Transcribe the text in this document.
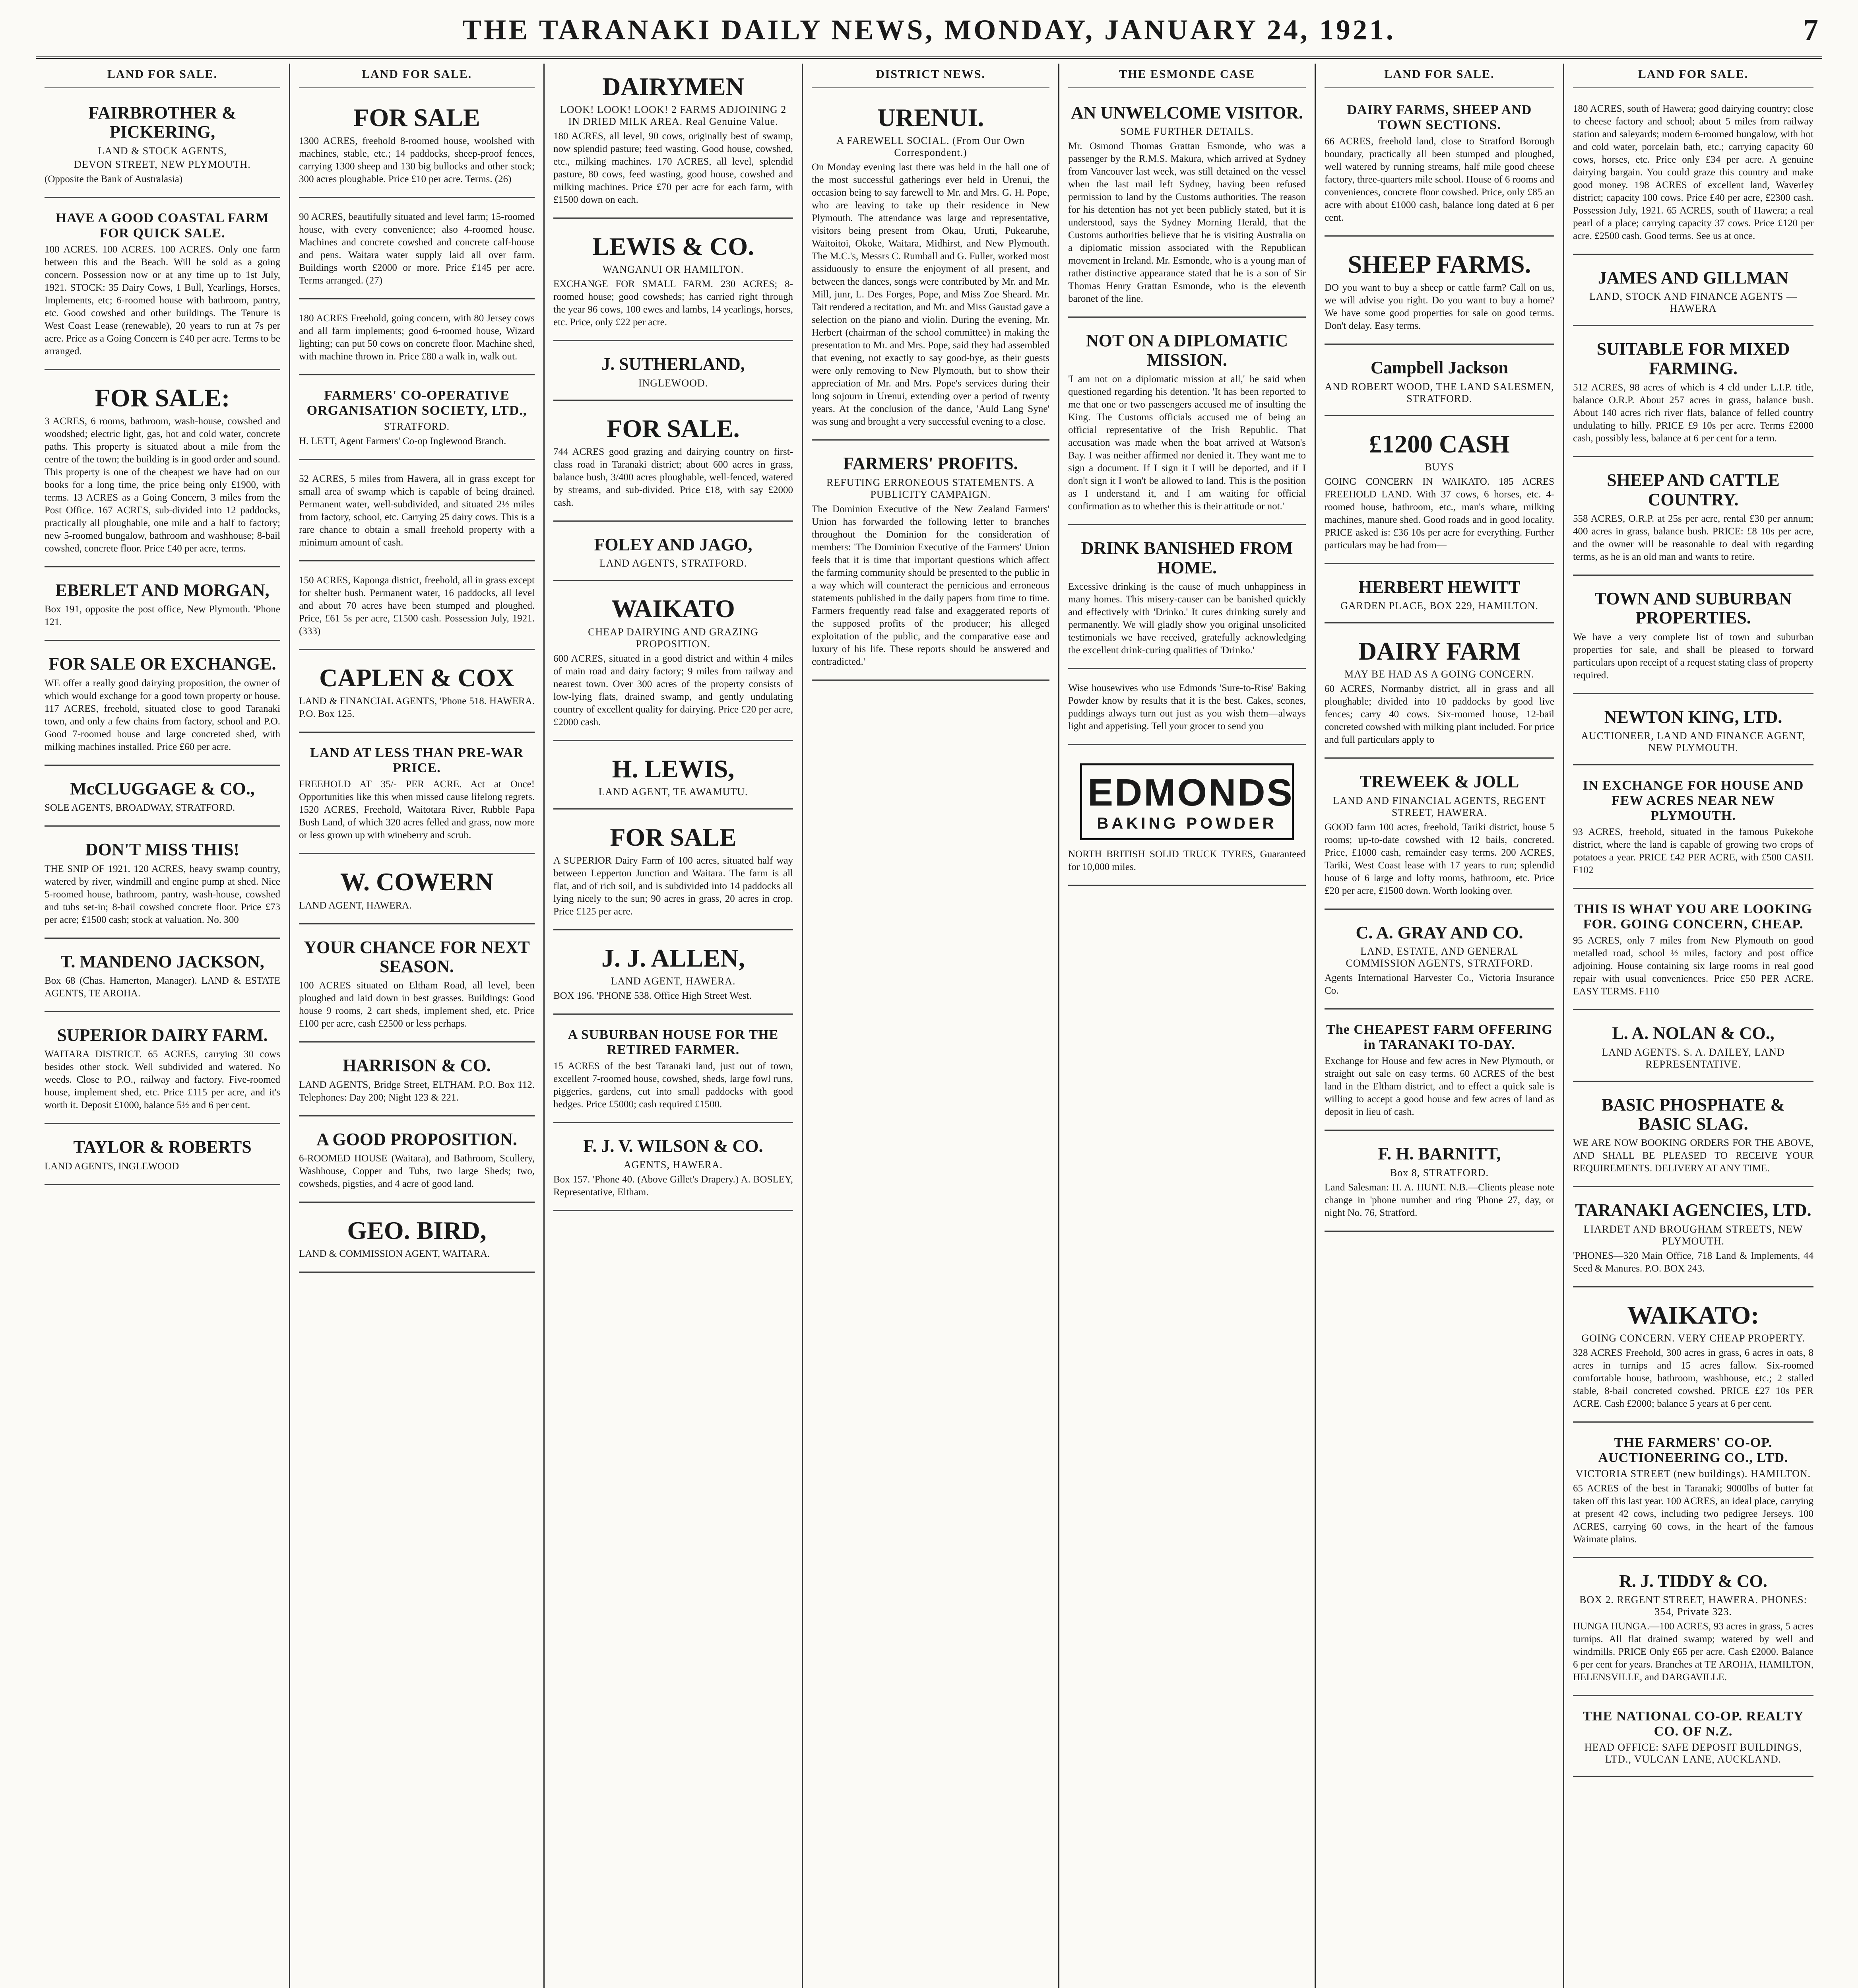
THE TARANAKI DAILY NEWS, MONDAY, JANUARY 24, 1921.	7
LAND FOR SALE.
FAIRBROTHER & PICKERING,
LAND & STOCK AGENTS,
DEVON STREET, NEW PLYMOUTH.
(Opposite the Bank of Australasia)
HAVE A GOOD COASTAL FARM FOR QUICK SALE.
100 ACRES. 100 ACRES. 100 ACRES. Only one farm between this and the Beach. Will be sold as a going concern. Possession now or at any time up to 1st July, 1921. STOCK: 35 Dairy Cows, 1 Bull, Yearlings, Horses, Implements, etc; 6-roomed house with bathroom, pantry, etc. Good cowshed and other buildings. The Tenure is West Coast Lease (renewable), 20 years to run at 7s per acre. Price as a Going Concern is £40 per acre. Terms to be arranged.
FOR SALE:
3 ACRES, 6 rooms, bathroom, wash-house, cowshed and woodshed; electric light, gas, hot and cold water, concrete paths. This property is situated about a mile from the centre of the town; the building is in good order and sound. This property is one of the cheapest we have had on our books for a long time, the price being only £1900, with terms. 13 ACRES as a Going Concern, 3 miles from the Post Office. 167 ACRES, sub-divided into 12 paddocks, practically all ploughable, one mile and a half to factory; new 5-roomed bungalow, bathroom and washhouse; 8-bail cowshed, concrete floor. Price £40 per acre, terms.
EBERLET AND MORGAN,
Box 191, opposite the post office, New Plymouth. 'Phone 121.
FOR SALE OR EXCHANGE.
WE offer a really good dairying proposition, the owner of which would exchange for a good town property or house. 117 ACRES, freehold, situated close to good Taranaki town, and only a few chains from factory, school and P.O. Good 7-roomed house and large concreted shed, with milking machines installed. Price £60 per acre.
McCLUGGAGE & CO.,
SOLE AGENTS, BROADWAY, STRATFORD.
DON'T MISS THIS!
THE SNIP OF 1921. 120 ACRES, heavy swamp country, watered by river, windmill and engine pump at shed. Nice 5-roomed house, bathroom, pantry, wash-house, cowshed and tubs set-in; 8-bail cowshed concrete floor. Price £73 per acre; £1500 cash; stock at valuation. No. 300
T. MANDENO JACKSON,
Box 68 (Chas. Hamerton, Manager). LAND & ESTATE AGENTS, TE AROHA.
SUPERIOR DAIRY FARM.
WAITARA DISTRICT. 65 ACRES, carrying 30 cows besides other stock. Well subdivided and watered. No weeds. Close to P.O., railway and factory. Five-roomed house, implement shed, etc. Price £115 per acre, and it's worth it. Deposit £1000, balance 5½ and 6 per cent.
TAYLOR & ROBERTS
LAND AGENTS, INGLEWOOD
LAND FOR SALE.
FOR SALE
1300 ACRES, freehold 8-roomed house, woolshed with machines, stable, etc.; 14 paddocks, sheep-proof fences, carrying 1300 sheep and 130 big bullocks and other stock; 300 acres ploughable. Price £10 per acre. Terms. (26)
90 ACRES, beautifully situated and level farm; 15-roomed house, with every convenience; also 4-roomed house. Machines and concrete cowshed and concrete calf-house and pens. Waitara water supply laid all over farm. Buildings worth £2000 or more. Price £145 per acre. Terms arranged. (27)
180 ACRES Freehold, going concern, with 80 Jersey cows and all farm implements; good 6-roomed house, Wizard lighting; can put 50 cows on concrete floor. Machine shed, with machine thrown in. Price £80 a walk in, walk out.
FARMERS' CO-OPERATIVE ORGANISATION SOCIETY, LTD.,
STRATFORD.
H. LETT, Agent Farmers' Co-op Inglewood Branch.
52 ACRES, 5 miles from Hawera, all in grass except for small area of swamp which is capable of being drained. Permanent water, well-subdivided, and situated 2½ miles from factory, school, etc. Carrying 25 dairy cows. This is a rare chance to obtain a small freehold property with a minimum amount of cash.
150 ACRES, Kaponga district, freehold, all in grass except for shelter bush. Permanent water, 16 paddocks, all level and about 70 acres have been stumped and ploughed. Price, £61 5s per acre, £1500 cash. Possession July, 1921. (333)
CAPLEN & COX
LAND & FINANCIAL AGENTS, 'Phone 518. HAWERA. P.O. Box 125.
LAND AT LESS THAN PRE-WAR PRICE.
FREEHOLD AT 35/- PER ACRE. Act at Once! Opportunities like this when missed cause lifelong regrets. 1520 ACRES, Freehold, Waitotara River, Rubble Papa Bush Land, of which 320 acres felled and grass, now more or less grown up with wineberry and scrub.
W. COWERN
LAND AGENT, HAWERA.
YOUR CHANCE FOR NEXT SEASON.
100 ACRES situated on Eltham Road, all level, been ploughed and laid down in best grasses. Buildings: Good house 9 rooms, 2 cart sheds, implement shed, etc. Price £100 per acre, cash £2500 or less perhaps.
HARRISON & CO.
LAND AGENTS, Bridge Street, ELTHAM. P.O. Box 112. Telephones: Day 200; Night 123 & 221.
A GOOD PROPOSITION.
6-ROOMED HOUSE (Waitara), and Bathroom, Scullery, Washhouse, Copper and Tubs, two large Sheds; two, cowsheds, pigsties, and 4 acre of good land.
GEO. BIRD,
LAND & COMMISSION AGENT, WAITARA.
DAIRYMEN
LOOK! LOOK! LOOK! 2 FARMS ADJOINING 2 IN DRIED MILK AREA. Real Genuine Value.
180 ACRES, all level, 90 cows, originally best of swamp, now splendid pasture; feed wasting. Good house, cowshed, etc., milking machines. 170 ACRES, all level, splendid pasture, 80 cows, feed wasting, good house, cowshed and milking machines. Price £70 per acre for each farm, with £1500 down on each.
LEWIS & CO.
WANGANUI OR HAMILTON.
EXCHANGE FOR SMALL FARM. 230 ACRES; 8-roomed house; good cowsheds; has carried right through the year 96 cows, 100 ewes and lambs, 14 yearlings, horses, etc. Price, only £22 per acre.
J. SUTHERLAND,
INGLEWOOD.
FOR SALE.
744 ACRES good grazing and dairying country on first-class road in Taranaki district; about 600 acres in grass, balance bush, 3/400 acres ploughable, well-fenced, watered by streams, and sub-divided. Price £18, with say £2000 cash.
FOLEY AND JAGO,
LAND AGENTS, STRATFORD.
WAIKATO
CHEAP DAIRYING AND GRAZING PROPOSITION.
600 ACRES, situated in a good district and within 4 miles of main road and dairy factory; 9 miles from railway and nearest town. Over 300 acres of the property consists of low-lying flats, drained swamp, and gently undulating country of excellent quality for dairying. Price £20 per acre, £2000 cash.
H. LEWIS,
LAND AGENT, TE AWAMUTU.
FOR SALE
A SUPERIOR Dairy Farm of 100 acres, situated half way between Lepperton Junction and Waitara. The farm is all flat, and of rich soil, and is subdivided into 14 paddocks all lying nicely to the sun; 90 acres in grass, 20 acres in crop. Price £125 per acre.
J. J. ALLEN,
LAND AGENT, HAWERA.
BOX 196. 'PHONE 538. Office High Street West.
A SUBURBAN HOUSE FOR THE RETIRED FARMER.
15 ACRES of the best Taranaki land, just out of town, excellent 7-roomed house, cowshed, sheds, large fowl runs, piggeries, gardens, cut into small paddocks with good hedges. Price £5000; cash required £1500.
F. J. V. WILSON & CO.
AGENTS, HAWERA.
Box 157. 'Phone 40. (Above Gillet's Drapery.) A. BOSLEY, Representative, Eltham.
DISTRICT NEWS.
URENUI.
A FAREWELL SOCIAL. (From Our Own Correspondent.)
On Monday evening last there was held in the hall one of the most successful gatherings ever held in Urenui, the occasion being to say farewell to Mr. and Mrs. G. H. Pope, who are leaving to take up their residence in New Plymouth. The attendance was large and representative, visitors being present from Okau, Uruti, Pukearuhe, Waitoitoi, Okoke, Waitara, Midhirst, and New Plymouth. The M.C.'s, Messrs C. Rumball and G. Fuller, worked most assiduously to ensure the enjoyment of all present, and between the dances, songs were contributed by Mr. and Mr. Mill, junr, L. Des Forges, Pope, and Miss Zoe Sheard. Mr. Tait rendered a recitation, and Mr. and Miss Gaustad gave a selection on the piano and violin. During the evening, Mr. Herbert (chairman of the school committee) in making the presentation to Mr. and Mrs. Pope, said they had assembled that evening, not exactly to say good-bye, as their guests were only removing to New Plymouth, but to show their appreciation of Mr. and Mrs. Pope's services during their long sojourn in Urenui, extending over a period of twenty years. At the conclusion of the dance, 'Auld Lang Syne' was sung and brought a very successful evening to a close.
FARMERS' PROFITS.
REFUTING ERRONEOUS STATEMENTS. A PUBLICITY CAMPAIGN.
The Dominion Executive of the New Zealand Farmers' Union has forwarded the following letter to branches throughout the Dominion for the consideration of members: 'The Dominion Executive of the Farmers' Union feels that it is time that important questions which affect the farming community should be presented to the public in a way which will counteract the pernicious and erroneous statements published in the daily papers from time to time. Farmers frequently read false and exaggerated reports of the supposed profits of the producer; his alleged exploitation of the public, and the comparative ease and luxury of his life. These reports should be answered and contradicted.'
THE ESMONDE CASE
AN UNWELCOME VISITOR.
SOME FURTHER DETAILS.
Mr. Osmond Thomas Grattan Esmonde, who was a passenger by the R.M.S. Makura, which arrived at Sydney from Vancouver last week, was still detained on the vessel when the last mail left Sydney, having been refused permission to land by the Customs authorities. The reason for his detention has not yet been publicly stated, but it is understood, says the Sydney Morning Herald, that the Customs authorities believe that he is visiting Australia on a diplomatic mission associated with the Republican movement in Ireland. Mr. Esmonde, who is a young man of rather distinctive appearance stated that he is a son of Sir Thomas Henry Grattan Esmonde, who is the eleventh baronet of the line.
NOT ON A DIPLOMATIC MISSION.
'I am not on a diplomatic mission at all,' he said when questioned regarding his detention. 'It has been reported to me that one or two passengers accused me of insulting the King. The Customs officials accused me of being an official representative of the Irish Republic. That accusation was made when the boat arrived at Watson's Bay. I was neither affirmed nor denied it. They want me to sign a document. If I sign it I will be deported, and if I don't sign it I won't be allowed to land. This is the position as I understand it, and I am waiting for official confirmation as to whether this is their attitude or not.'
DRINK BANISHED FROM HOME.
Excessive drinking is the cause of much unhappiness in many homes. This misery-causer can be banished quickly and effectively with 'Drinko.' It cures drinking surely and permanently. We will gladly show you original unsolicited testimonials we have received, gratefully acknowledging the excellent drink-curing qualities of 'Drinko.'
Wise housewives who use Edmonds 'Sure-to-Rise' Baking Powder know by results that it is the best. Cakes, scones, puddings always turn out just as you wish them—always light and appetising. Tell your grocer to send you
EDMONDS
BAKING POWDER
NORTH BRITISH SOLID TRUCK TYRES, Guaranteed for 10,000 miles.
LAND FOR SALE.
DAIRY FARMS, SHEEP AND TOWN SECTIONS.
66 ACRES, freehold land, close to Stratford Borough boundary, practically all been stumped and ploughed, well watered by running streams, half mile good cheese factory, three-quarters mile school. House of 6 rooms and conveniences, concrete floor cowshed. Price, only £85 an acre with about £1000 cash, balance long dated at 6 per cent.
SHEEP FARMS.
DO you want to buy a sheep or cattle farm? Call on us, we will advise you right. Do you want to buy a home? We have some good properties for sale on good terms. Don't delay. Easy terms.
Campbell Jackson
AND ROBERT WOOD, THE LAND SALESMEN, STRATFORD.
£1200 CASH
BUYS
GOING CONCERN IN WAIKATO. 185 ACRES FREEHOLD LAND. With 37 cows, 6 horses, etc. 4-roomed house, bathroom, etc., man's whare, milking machines, manure shed. Good roads and in good locality. PRICE asked is: £36 10s per acre for everything. Further particulars may be had from—
HERBERT HEWITT
GARDEN PLACE, BOX 229, HAMILTON.
DAIRY FARM
MAY BE HAD AS A GOING CONCERN.
60 ACRES, Normanby district, all in grass and all ploughable; divided into 10 paddocks by good live fences; carry 40 cows. Six-roomed house, 12-bail concreted cowshed with milking plant included. For price and full particulars apply to
TREWEEK & JOLL
LAND AND FINANCIAL AGENTS, REGENT STREET, HAWERA.
GOOD farm 100 acres, freehold, Tariki district, house 5 rooms; up-to-date cowshed with 12 bails, concreted. Price, £1000 cash, remainder easy terms. 200 ACRES, Tariki, West Coast lease with 17 years to run; splendid house of 6 large and lofty rooms, bathroom, etc. Price £20 per acre, £1500 down. Worth looking over.
C. A. GRAY AND CO.
LAND, ESTATE, AND GENERAL COMMISSION AGENTS, STRATFORD.
Agents International Harvester Co., Victoria Insurance Co.
The CHEAPEST FARM OFFERING in TARANAKI TO-DAY.
Exchange for House and few acres in New Plymouth, or straight out sale on easy terms. 60 ACRES of the best land in the Eltham district, and to effect a quick sale is willing to accept a good house and few acres of land as deposit in lieu of cash.
F. H. BARNITT,
Box 8, STRATFORD.
Land Salesman: H. A. HUNT. N.B.—Clients please note change in 'phone number and ring 'Phone 27, day, or night No. 76, Stratford.
LAND FOR SALE.
180 ACRES, south of Hawera; good dairying country; close to cheese factory and school; about 5 miles from railway station and saleyards; modern 6-roomed bungalow, with hot and cold water, porcelain bath, etc.; carrying capacity 60 cows, horses, etc. Price only £34 per acre. A genuine dairying bargain. You could graze this country and make good money. 198 ACRES of excellent land, Waverley district; capacity 100 cows. Price £40 per acre, £2300 cash. Possession July, 1921. 65 ACRES, south of Hawera; a real pearl of a place; carrying capacity 37 cows. Price £120 per acre. £2500 cash. Good terms. See us at once.
JAMES AND GILLMAN
LAND, STOCK AND FINANCE AGENTS — HAWERA
SUITABLE FOR MIXED FARMING.
512 ACRES, 98 acres of which is 4 cld under L.I.P. title, balance O.R.P. About 257 acres in grass, balance bush. About 140 acres rich river flats, balance of felled country undulating to hilly. PRICE £9 10s per acre. Terms £2000 cash, possibly less, balance at 6 per cent for a term.
SHEEP AND CATTLE COUNTRY.
558 ACRES, O.R.P. at 25s per acre, rental £30 per annum; 400 acres in grass, balance bush. PRICE: £8 10s per acre, and the owner will be reasonable to deal with regarding terms, as he is an old man and wants to retire.
TOWN AND SUBURBAN PROPERTIES.
We have a very complete list of town and suburban properties for sale, and shall be pleased to forward particulars upon receipt of a request stating class of property required.
NEWTON KING, LTD.
AUCTIONEER, LAND AND FINANCE AGENT, NEW PLYMOUTH.
IN EXCHANGE FOR HOUSE AND FEW ACRES NEAR NEW PLYMOUTH.
93 ACRES, freehold, situated in the famous Pukekohe district, where the land is capable of growing two crops of potatoes a year. PRICE £42 PER ACRE, with £500 CASH. F102
THIS IS WHAT YOU ARE LOOKING FOR. GOING CONCERN, CHEAP.
95 ACRES, only 7 miles from New Plymouth on good metalled road, school ½ miles, factory and post office adjoining. House containing six large rooms in real good repair with usual conveniences. Price £50 PER ACRE. EASY TERMS. F110
L. A. NOLAN & CO.,
LAND AGENTS. S. A. DAILEY, LAND REPRESENTATIVE.
BASIC PHOSPHATE & BASIC SLAG.
WE ARE NOW BOOKING ORDERS FOR THE ABOVE, AND SHALL BE PLEASED TO RECEIVE YOUR REQUIREMENTS. DELIVERY AT ANY TIME.
TARANAKI AGENCIES, LTD.
LIARDET AND BROUGHAM STREETS, NEW PLYMOUTH.
'PHONES—320 Main Office, 718 Land & Implements, 44 Seed & Manures. P.O. BOX 243.
WAIKATO:
GOING CONCERN. VERY CHEAP PROPERTY.
328 ACRES Freehold, 300 acres in grass, 6 acres in oats, 8 acres in turnips and 15 acres fallow. Six-roomed comfortable house, bathroom, washhouse, etc.; 2 stalled stable, 8-bail concreted cowshed. PRICE £27 10s PER ACRE. Cash £2000; balance 5 years at 6 per cent.
THE FARMERS' CO-OP. AUCTIONEERING CO., LTD.
VICTORIA STREET (new buildings). HAMILTON.
65 ACRES of the best in Taranaki; 9000lbs of butter fat taken off this last year. 100 ACRES, an ideal place, carrying at present 42 cows, including two pedigree Jerseys. 100 ACRES, carrying 60 cows, in the heart of the famous Waimate plains.
R. J. TIDDY & CO.
BOX 2. REGENT STREET, HAWERA. PHONES: 354, Private 323.
HUNGA HUNGA.—100 ACRES, 93 acres in grass, 5 acres turnips. All flat drained swamp; watered by well and windmills. PRICE Only £65 per acre. Cash £2000. Balance 6 per cent for years. Branches at TE AROHA, HAMILTON, HELENSVILLE, and DARGAVILLE.
THE NATIONAL CO-OP. REALTY CO. OF N.Z.
HEAD OFFICE: SAFE DEPOSIT BUILDINGS, LTD., VULCAN LANE, AUCKLAND.
